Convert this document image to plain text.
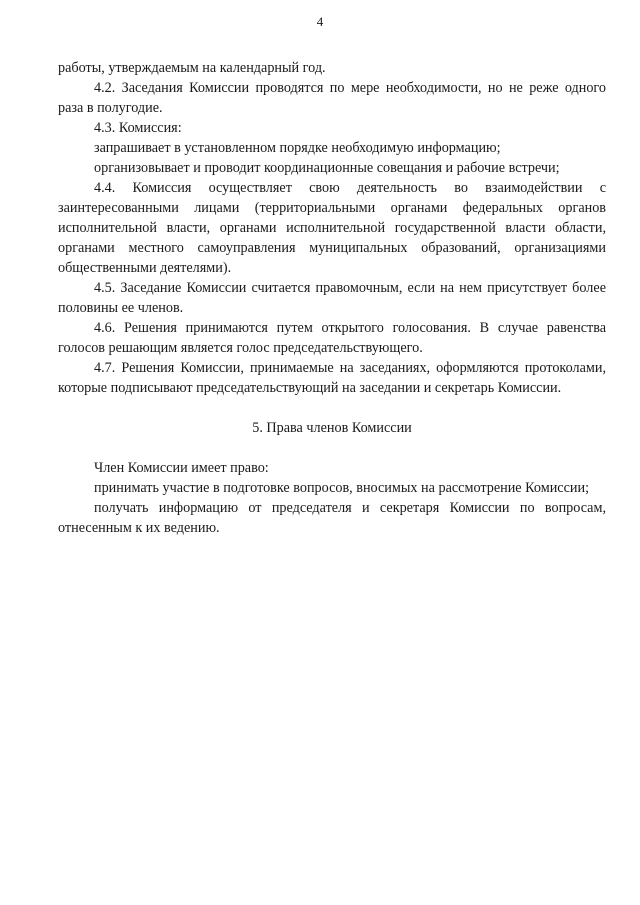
4

работы, утверждаемым на календарный год.

4.2. Заседания Комиссии проводятся по мере необходимости, но не реже одного раза в полугодие.

4.3. Комиссия:

запрашивает в установленном порядке необходимую информацию;

организовывает и проводит координационные совещания и рабочие встречи;

4.4. Комиссия осуществляет свою деятельность во взаимодействии с заинтересованными лицами (территориальными органами федеральных органов исполнительной власти, органами исполнительной государственной власти области, органами местного самоуправления муниципальных образований, организациями общественными деятелями).

4.5. Заседание Комиссии считается правомочным, если на нем присутствует более половины ее членов.

4.6. Решения принимаются путем открытого голосования. В случае равенства голосов решающим является голос председательствующего.

4.7. Решения Комиссии, принимаемые на заседаниях, оформляются протоколами, которые подписывают председательствующий на заседании и секретарь Комиссии.

5. Права членов Комиссии

Член Комиссии имеет право:

принимать участие в подготовке вопросов, вносимых на рассмотрение Комиссии;

получать информацию от председателя и секретаря Комиссии по вопросам, отнесенным к их ведению.
